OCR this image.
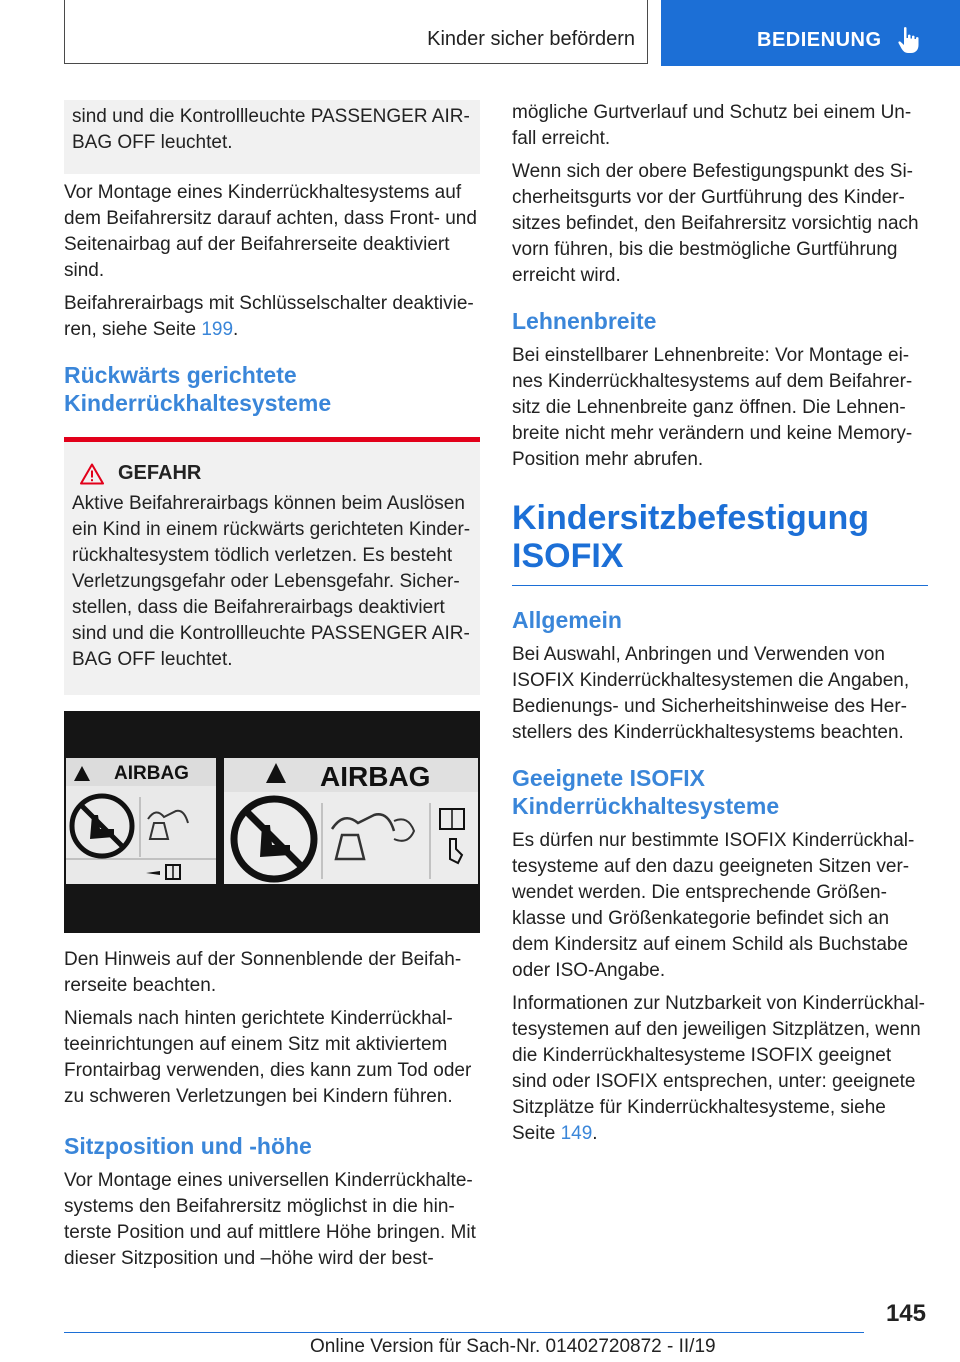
Kinder sicher befördern	BEDIENUNG

sind und die Kontrollleuchte PASSENGER AIR-BAG OFF leuchtet.

Vor Montage eines Kinderrückhaltesystems auf dem Beifahrersitz darauf achten, dass Front- und Seitenairbag auf der Beifahrerseite deaktiviert sind.

Beifahrerairbags mit Schlüsselschalter deaktivie-ren, siehe Seite 199.

Rückwärts gerichtete Kinderrückhaltesysteme
GEFAHR

Aktive Beifahrerairbags können beim Auslösen ein Kind in einem rückwärts gerichteten Kinder-rückhaltesystem tödlich verletzen. Es besteht Verletzungsgefahr oder Lebensgefahr. Sicher-stellen, dass die Beifahrerairbags deaktiviert sind und die Kontrollleuchte PASSENGER AIR-BAG OFF leuchtet.

AIRBAG	AIRBAG

Den Hinweis auf der Sonnenblende der Beifah-rerseite beachten.

Niemals nach hinten gerichtete Kinderrückhal-teeinrichtungen auf einem Sitz mit aktiviertem Frontairbag verwenden, dies kann zum Tod oder zu schweren Verletzungen bei Kindern führen.

Sitzposition und -höhe

Vor Montage eines universellen Kinderrückhalte-systems den Beifahrersitz möglichst in die hin-terste Position und auf mittlere Höhe bringen. Mit dieser Sitzposition und –höhe wird der best-

mögliche Gurtverlauf und Schutz bei einem Un-fall erreicht.

Wenn sich der obere Befestigungspunkt des Si-cherheitsgurts vor der Gurtführung des Kinder-sitzes befindet, den Beifahrersitz vorsichtig nach vorn führen, bis die bestmögliche Gurtführung erreicht wird.

Lehnenbreite

Bei einstellbarer Lehnenbreite: Vor Montage ei-nes Kinderrückhaltesystems auf dem Beifahrer-sitz die Lehnenbreite ganz öffnen. Die Lehnen-breite nicht mehr verändern und keine Memory-Position mehr abrufen.

Kindersitzbefestigung ISOFIX
Allgemein

Bei Auswahl, Anbringen und Verwenden von ISOFIX Kinderrückhaltesystemen die Angaben, Bedienungs- und Sicherheitshinweise des Her-stellers des Kinderrückhaltesystems beachten.

Geeignete ISOFIX Kinderrückhaltesysteme

Es dürfen nur bestimmte ISOFIX Kinderrückhal-tesysteme auf den dazu geeigneten Sitzen ver-wendet werden. Die entsprechende Größen-klasse und Größenkategorie befindet sich an dem Kindersitz auf einem Schild als Buchstabe oder ISO-Angabe.

Informationen zur Nutzbarkeit von Kinderrückhal-tesystemen auf den jeweiligen Sitzplätzen, wenn die Kinderrückhaltesysteme ISOFIX geeignet sind oder ISOFIX entsprechen, unter: geeignete Sitzplätze für Kinderrückhaltesysteme, siehe Seite 149.

145
Online Version für Sach-Nr. 01402720872 - II/19
